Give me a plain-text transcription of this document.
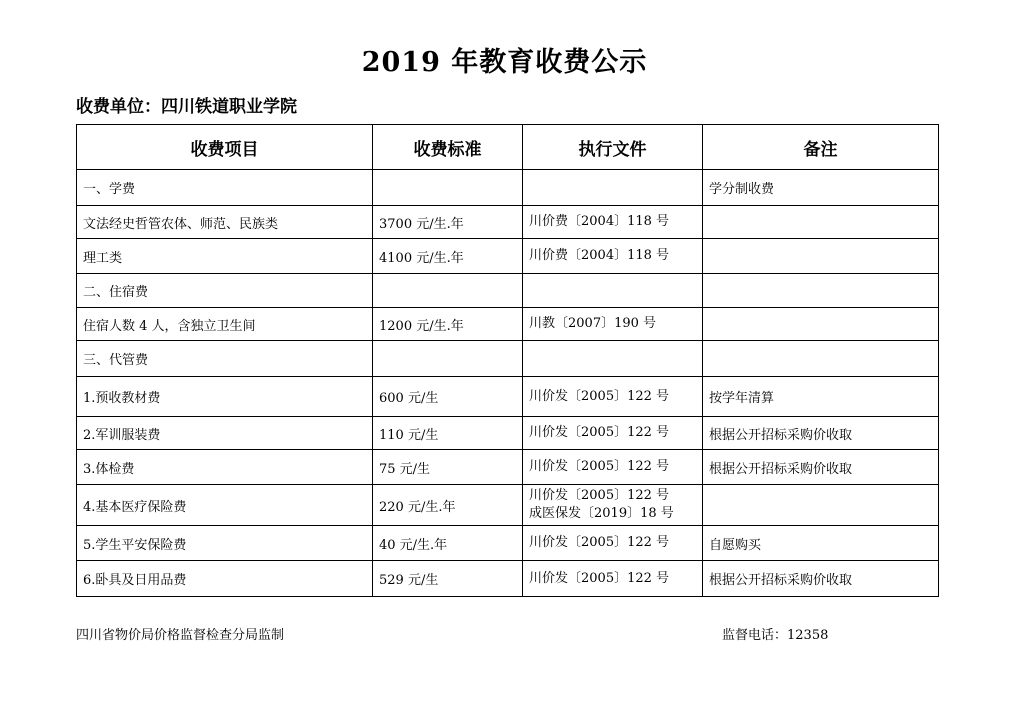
2019 年教育收费公示
收费单位：四川铁道职业学院
收费项目	收费标准	执行文件	备注
一、学费			学分制收费
文法经史哲管农体、师范、民族类	3700 元/生.年	川价费〔2004〕118 号	

理工类	4100 元/生.年	川价费〔2004〕118 号	

二、住宿费			
住宿人数 4 人，含独立卫生间	1200 元/生.年	川教〔2007〕190 号	

三、代管费			
1.预收教材费	600 元/生	川价发〔2005〕122 号	按学年清算
2.军训服装费	110 元/生	川价发〔2005〕122 号	根据公开招标采购价收取
3.体检费	75 元/生	川价发〔2005〕122 号	根据公开招标采购价收取
4.基本医疗保险费	220 元/生.年	川价发〔2005〕122 号
成医保发〔2019〕18 号	

5.学生平安保险费	40 元/生.年	川价发〔2005〕122 号	自愿购买
6.卧具及日用品费	529 元/生	川价发〔2005〕122 号	根据公开招标采购价收取
四川省物价局价格监督检查分局监制	监督电话：12358
